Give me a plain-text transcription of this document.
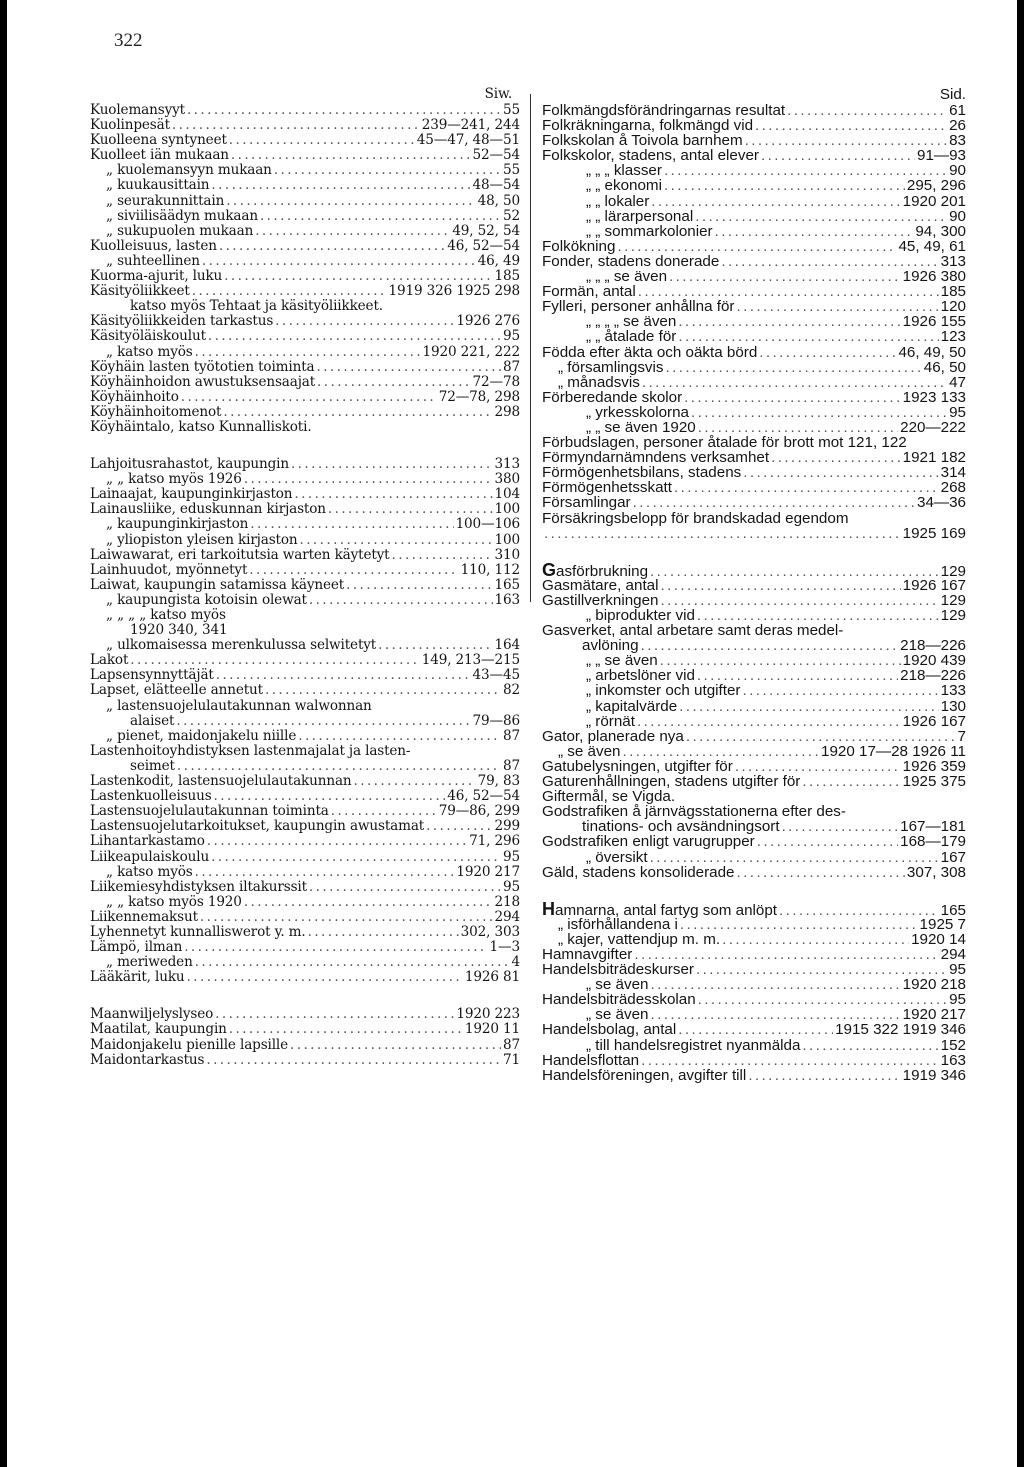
322
Siw.
Kuolemansyyt .....	55
Kuolinpesät .....	239—241, 244
Kuolleena syntyneet .....	45—47, 48—51
Kuolleet iän mukaan .....	52—54
„ kuolemansyyn mukaan .....	55
„ kuukausittain .....	48—54
„ seurakunnittain .....	48, 50
„ siviilisäädyn mukaan .....	52
„ sukupuolen mukaan .....	49, 52, 54
Kuolleisuus, lasten .....	46, 52—54
„ suhteellinen .....	46, 49
Kuorma-ajurit, luku .....	185
Käsityöliikkeet .....	1919 326 1925 298
katso myös Tehtaat ja käsityöliikkeet.
Käsityöliikkeiden tarkastus .....	1926 276
Käsityöläiskoulut .....	95
„ katso myös .....	1920 221, 222
Köyhäin lasten työtotien toiminta .....	87
Köyhäinhoidon awustuksensaajat .....	72—78
Köyhäinhoito .....	72—78, 298
Köyhäinhoitomenot .....	298
Köyhäintalo, katso Kunnalliskoti.
Lahjoitusrahastot, kaupungin .....	313
„ „ katso myös 1926 .....	380
Lainaajat, kaupunginkirjaston .....	104
Lainausliike, eduskunnan kirjaston .....	100
„ kaupunginkirjaston .....	100—106
„ yliopiston yleisen kirjaston .....	100
Laiwawarat, eri tarkoitutsia warten käytetyt .....	310
Lainhuudot, myönnetyt .....	110, 112
Laiwat, kaupungin satamissa käyneet .....	165
„ kaupungista kotoisin olewat .....	163
„ „ „ „ katso myös
1920 340, 341
„ ulkomaisessa merenkulussa selwitetyt .....	164
Lakot .....	149, 213—215
Lapsensynnyttäjät .....	43—45
Lapset, elätteelle annetut .....	82
„ lastensuojelulautakunnan walwonnan
alaiset .....	79—86
„ pienet, maidonjakelu niille .....	87
Lastenhoitoyhdistyksen lastenmajalat ja lasten-
seimet .....	87
Lastenkodit, lastensuojelulautakunnan .....	79, 83
Lastenkuolleisuus .....	46, 52—54
Lastensuojelulautakunnan toiminta .....	79—86, 299
Lastensuojelutarkoitukset, kaupungin awustamat .....	299
Lihantarkastamo .....	71, 296
Liikeapulaiskoulu .....	95
„ katso myös .....	1920 217
Liikemiesyhdistyksen iltakurssit .....	95
„ „ katso myös 1920 .....	218
Liikennemaksut .....	294
Lyhennetyt kunnalliswerot y. m. .....	302, 303
Lämpö, ilman .....	1—3
„ meriweden .....	4
Lääkärit, luku .....	1926 81
Maanwiljelyslyseo .....	1920 223
Maatilat, kaupungin .....	1920 11
Maidonjakelu pienille lapsille .....	87
Maidontarkastus .....	71
Sid.
Folkmängdsförändringarnas resultat .....	61
Folkräkningarna, folkmängd vid .....	26
Folkskolan å Toivola barnhem .....	83
Folkskolor, stadens, antal elever .....	91—93
„ „ „ klasser .....	90
„ „ ekonomi .....	295, 296
„ „ lokaler .....	1920 201
„ „ lärarpersonal .....	90
„ „ sommarkolonier .....	94, 300
Folkökning .....	45, 49, 61
Fonder, stadens donerade .....	313
„ „ „ se även .....	1926 380
Formän, antal .....	185
Fylleri, personer anhållna för .....	120
„ „ „ „ se även .....	1926 155
„ „ åtalade för .....	123
Födda efter äkta och oäkta börd .....	46, 49, 50
„ församlingsvis .....	46, 50
„ månadsvis .....	47
Förberedande skolor .....	1923 133
„ yrkesskolorna .....	95
„ „ se även 1920 .....	220—222
Förbudslagen, personer åtalade för brott mot 121, 122
Förmyndarnämndens verksamhet .....	1921 182
Förmögenhetsbilans, stadens .....	314
Förmögenhetsskatt .....	268
Församlingar .....	34—36
Försäkringsbelopp för brandskadad egendom
.....
1925 169
Gasförbrukning .....	129
Gasmätare, antal .....	1926 167
Gastillverkningen .....	129
„ biprodukter vid .....	129
Gasverket, antal arbetare samt deras medel-
avlöning .....	218—226
„ „ se även .....	1920 439
„ arbetslöner vid .....	218—226
„ inkomster och utgifter .....	133
„ kapitalvärde .....	130
„ rörnät .....	1926 167
Gator, planerade nya .....	7
„ se även .....	1920 17—28 1926 11
Gatubelysningen, utgifter för .....	1926 359
Gaturenhållningen, stadens utgifter för .....	1925 375
Giftermål, se Vigda.
Godstrafiken å järnvägsstationerna efter des-
tinations- och avsändningsort .....	167—181
Godstrafiken enligt varugrupper .....	168—179
„ översikt .....	167
Gäld, stadens konsoliderade .....	307, 308
Hamnarna, antal fartyg som anlöpt .....	165
„ isförhållandena i .....	1925 7
„ kajer, vattendjup m. m. .....	1920 14
Hamnavgifter .....	294
Handelsbiträdeskurser .....	95
„ se även .....	1920 218
Handelsbiträdesskolan .....	95
„ se även .....	1920 217
Handelsbolag, antal .....	1915 322 1919 346
„ till handelsregistret nyanmälda .....	152
Handelsflottan .....	163
Handelsföreningen, avgifter till .....	1919 346
